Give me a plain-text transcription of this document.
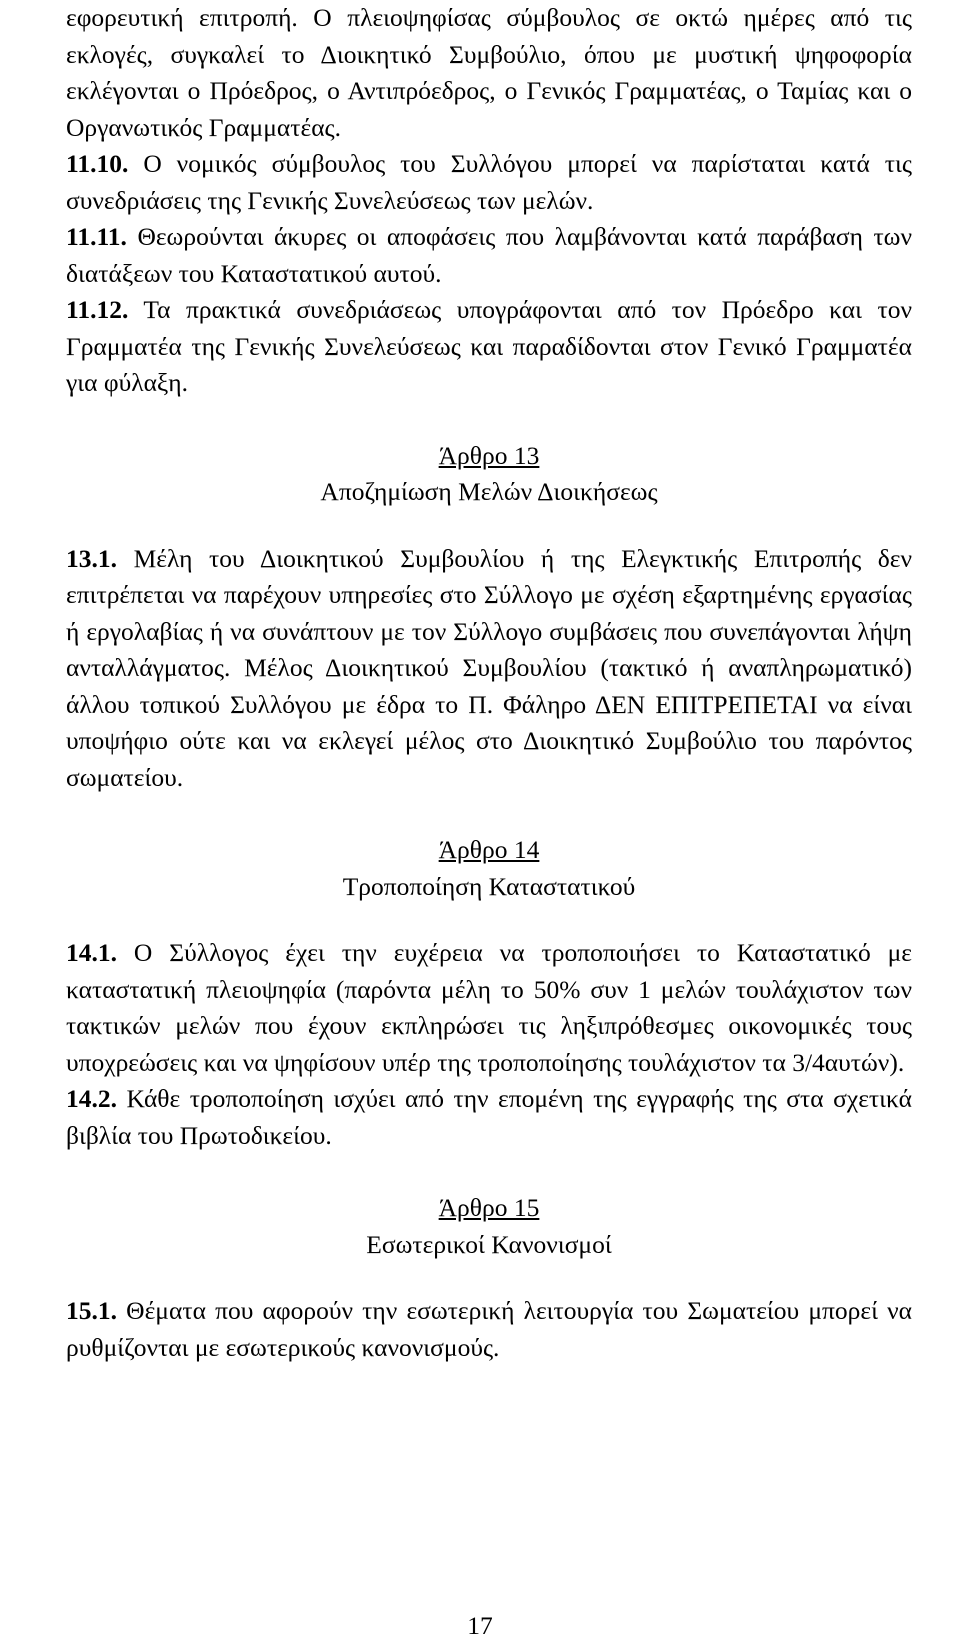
εφορευτική επιτροπή. Ο πλειοψηφίσας σύμβουλος σε οκτώ ημέρες από τις εκλογές, συγκαλεί το Διοικητικό Συμβούλιο, όπου με μυστική ψηφοφορία εκλέγονται ο Πρόεδρος, ο Αντιπρόεδρος, ο Γενικός Γραμματέας, ο Ταμίας και ο Οργανωτικός Γραμματέας.

11.10. Ο νομικός σύμβουλος του Συλλόγου μπορεί να παρίσταται κατά τις συνεδριάσεις της Γενικής Συνελεύσεως των μελών.

11.11. Θεωρούνται άκυρες οι αποφάσεις που λαμβάνονται κατά παράβαση των διατάξεων του Καταστατικού αυτού.

11.12. Τα πρακτικά συνεδριάσεως υπογράφονται από τον Πρόεδρο και τον Γραμματέα της Γενικής Συνελεύσεως και παραδίδονται στον Γενικό Γραμματέα για φύλαξη.

Άρθρο 13
Αποζημίωση Μελών Διοικήσεως

13.1. Μέλη του Διοικητικού Συμβουλίου ή της Ελεγκτικής Επιτροπής δεν επιτρέπεται να παρέχουν υπηρεσίες στο Σύλλογο με σχέση εξαρτημένης εργασίας ή εργολαβίας ή να συνάπτουν με τον Σύλλογο συμβάσεις που συνεπάγονται λήψη ανταλλάγματος. Μέλος Διοικητικού Συμβουλίου (τακτικό ή αναπληρωματικό) άλλου τοπικού Συλλόγου με έδρα το Π. Φάληρο ΔΕΝ ΕΠΙΤΡΕΠΕΤΑΙ να είναι υποψήφιο ούτε και να εκλεγεί μέλος στο Διοικητικό Συμβούλιο του παρόντος σωματείου.

Άρθρο 14
Τροποποίηση Καταστατικού

14.1. Ο Σύλλογος έχει την ευχέρεια να τροποποιήσει το Καταστατικό με καταστατική πλειοψηφία (παρόντα μέλη το 50% συν 1 μελών τουλάχιστον των τακτικών μελών που έχουν εκπληρώσει τις ληξιπρόθεσμες οικονομικές τους υποχρεώσεις και να ψηφίσουν υπέρ της τροποποίησης τουλάχιστον τα 3/4αυτών).

14.2. Κάθε τροποποίηση ισχύει από την επομένη της εγγραφής της στα σχετικά βιβλία του Πρωτοδικείου.

Άρθρο 15
Εσωτερικοί Κανονισμοί

15.1. Θέματα που αφορούν την εσωτερική λειτουργία του Σωματείου μπορεί να ρυθμίζονται με εσωτερικούς κανονισμούς.

17
